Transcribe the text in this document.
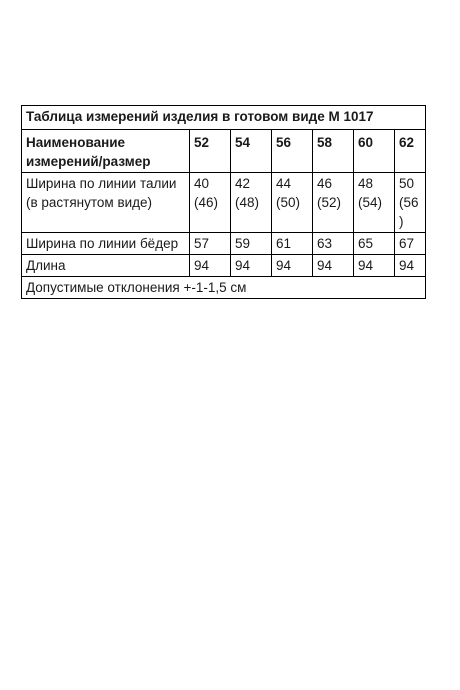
Таблица измерений изделия в готовом виде М 1017						
Наименование измерений/размер	52	54	56	58	60	62
Ширина по линии талии (в растянутом виде)	40 (46)	42 (48)	44 (50)	46 (52)	48 (54)	50 (56)
Ширина по линии бёдер	57	59	61	63	65	67
Длина	94	94	94	94	94	94
Допустимые отклонения +-1-1,5 см						
